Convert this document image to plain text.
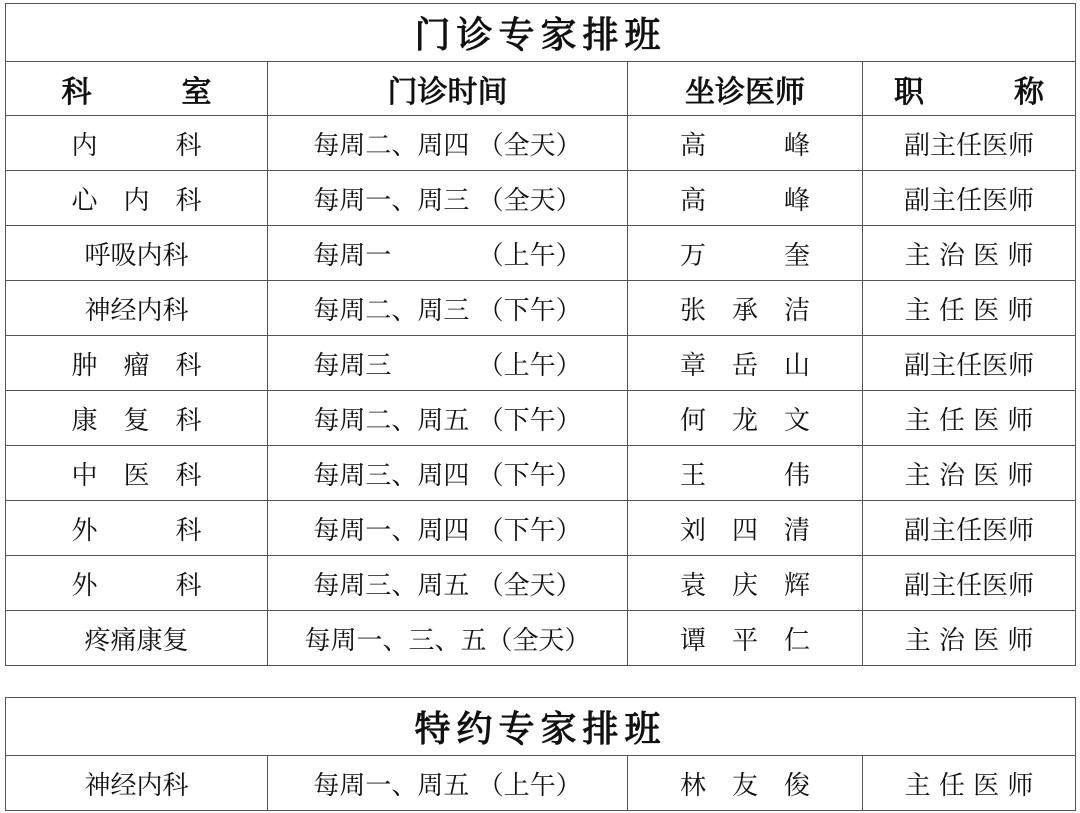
门诊专家排班			
科　　　室	门诊时间	坐诊医师	职　　　称
内　　　科	每周二、周四 （全天）	高　　　峰	副主任医师
心　内　科	每周一、周三 （全天）	高　　　峰	副主任医师
呼吸内科	每周一　　　 （上午）	万　　　奎	主 治 医 师
神经内科	每周二、周三 （下午）	张　承　洁	主 任 医 师
肿　瘤　科	每周三　　　 （上午）	章　岳　山	副主任医师
康　复　科	每周二、周五 （下午）	何　龙　文	主 任 医 师
中　医　科	每周三、周四 （下午）	王　　　伟	主 治 医 师
外　　　科	每周一、周四 （下午）	刘　四　清	副主任医师
外　　　科	每周三、周五 （全天）	袁　庆　辉	副主任医师
疼痛康复	每周一、三、五（全天）	谭　平　仁	主 治 医 师
特约专家排班
神经内科	每周一、周五 （上午）	林　友　俊	主 任 医 师
